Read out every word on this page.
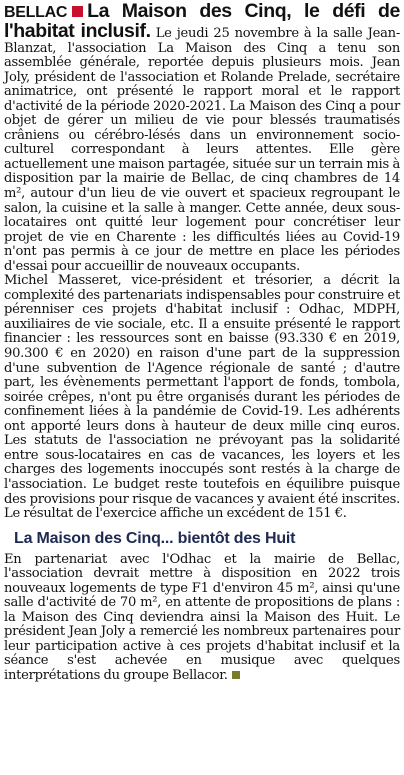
BELLAC La Maison des Cinq, le défi de l'habitat inclusif. Le jeudi 25 novembre à la salle Jean-Blanzat, l'association La Maison des Cinq a tenu son assemblée générale, reportée depuis plusieurs mois. Jean Joly, président de l'association et Rolande Prelade, secrétaire animatrice, ont présenté le rapport moral et le rapport d'activité de la période 2020-2021. La Maison des Cinq a pour objet de gérer un milieu de vie pour blessés traumatisés crâniens ou cérébro-lésés dans un environnement socio-culturel correspondant à leurs attentes. Elle gère actuellement une maison partagée, située sur un terrain mis à disposition par la mairie de Bellac, de cinq chambres de 14 m², autour d'un lieu de vie ouvert et spacieux regroupant le salon, la cuisine et la salle à manger. Cette année, deux sous-locataires ont quitté leur logement pour concrétiser leur projet de vie en Charente : les difficultés liées au Covid-19 n'ont pas permis à ce jour de mettre en place les périodes d'essai pour accueillir de nouveaux occupants.

Michel Masseret, vice-président et trésorier, a décrit la complexité des partenariats indispensables pour construire et pérenniser ces projets d'habitat inclusif : Odhac, MDPH, auxiliaires de vie sociale, etc. Il a ensuite présenté le rapport financier : les ressources sont en baisse (93.330 € en 2019, 90.300 € en 2020) en raison d'une part de la suppression d'une subvention de l'Agence régionale de santé ; d'autre part, les évènements permettant l'apport de fonds, tombola, soirée crêpes, n'ont pu être organisés durant les périodes de confinement liées à la pandémie de Covid-19. Les adhérents ont apporté leurs dons à hauteur de deux mille cinq euros. Les statuts de l'association ne prévoyant pas la solidarité entre sous-locataires en cas de vacances, les loyers et les charges des logements inoccupés sont restés à la charge de l'association. Le budget reste toutefois en équilibre puisque des provisions pour risque de vacances y avaient été inscrites. Le résultat de l'exercice affiche un excédent de 151 €.

La Maison des Cinq... bientôt des Huit

En partenariat avec l'Odhac et la mairie de Bellac, l'association devrait mettre à disposition en 2022 trois nouveaux logements de type F1 d'environ 45 m², ainsi qu'une salle d'activité de 70 m², en attente de propositions de plans : la Maison des Cinq deviendra ainsi la Maison des Huit. Le président Jean Joly a remercié les nombreux partenaires pour leur participation active à ces projets d'habitat inclusif et la séance s'est achevée en musique avec quelques interprétations du groupe Bellacor.
